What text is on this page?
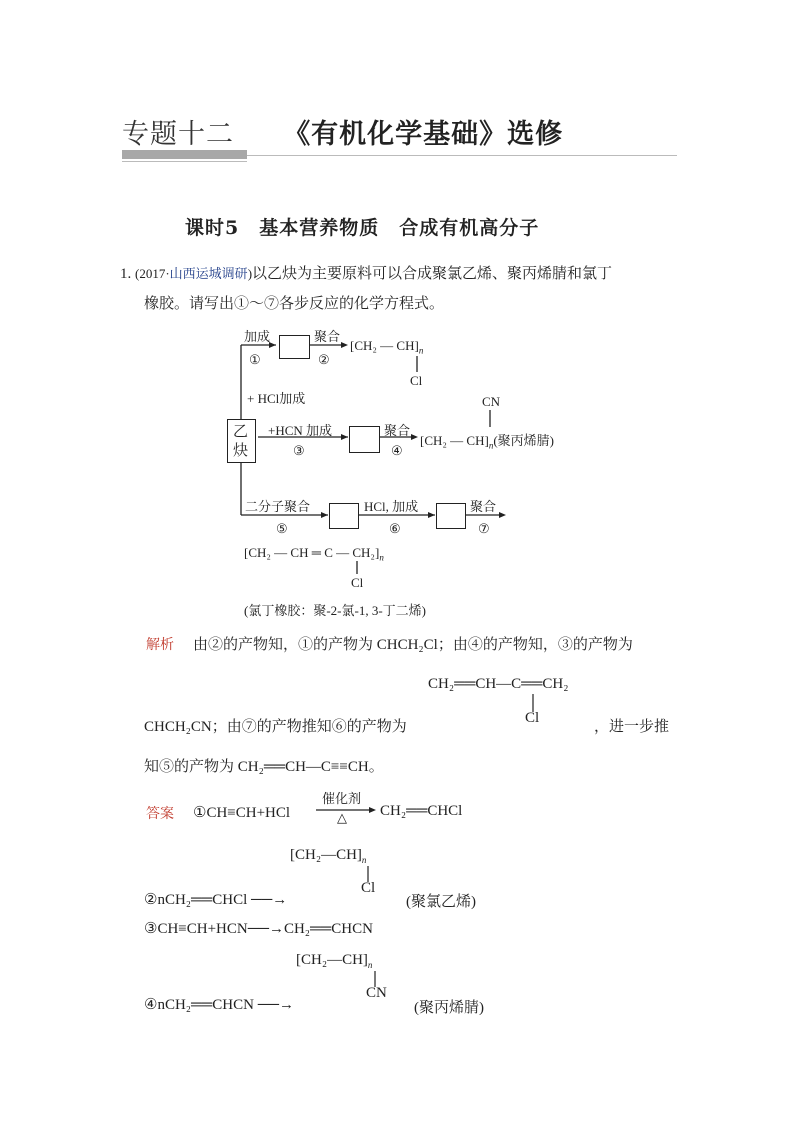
专题十二 《有机化学基础》选修
课时5　基本营养物质　合成有机高分子
1. (2017·山西运城调研)以乙炔为主要原料可以合成聚氯乙烯、聚丙烯腈和氯丁
橡胶。请写出①～⑦各步反应的化学方程式。
乙
炔
加成
①
聚合
②
[CH₂ — $CH]_n$
Cl
+ HCl加成
+HCN 加成
③
聚合
④
CN
[CH₂ — $CH]_n$(聚丙烯腈)
二分子聚合
⑤
HCl, 加成
⑥
聚合
⑦
[CH₂ — CH ═ C — $CH_2]_n$
Cl
(氯丁橡胶：聚-2-氯-1, 3-丁二烯)
解析 由②的产物知，①的产物为 CHCH₂Cl；由④的产物知，③的产物为
CH₂══CH—C══CH₂
Cl
CHCH₂CN；由⑦的产物推知⑥的产物为	，进一步推
知⑤的产物为 CH₂══CH—C≡≡CH。
答案 ①CH≡CH+HCl
催化剂
△ CH₂══CHCl
$[CH_2—CH]_n$
Cl
②nCH₂══CHCl ──→	(聚氯乙烯)
③CH≡CH+HCN──→CH₂══CHCN
$[CH_2—CH]_n$
CN
④nCH₂══CHCN ──→	(聚丙烯腈)
